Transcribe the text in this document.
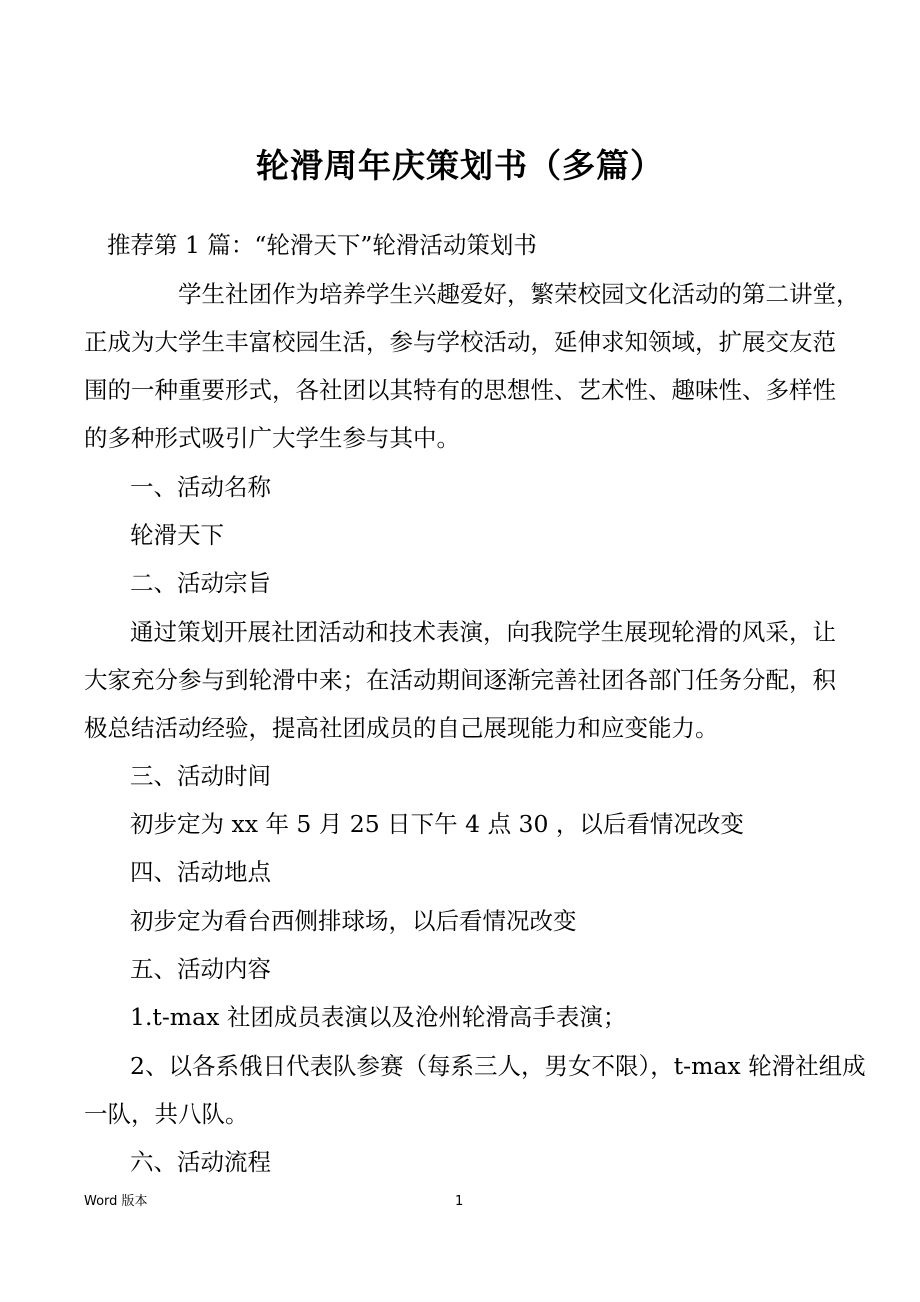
轮滑周年庆策划书（多篇）
推荐第 1 篇：“轮滑天下”轮滑活动策划书
学生社团作为培养学生兴趣爱好，繁荣校园文化活动的第二讲堂，
正成为大学生丰富校园生活，参与学校活动，延伸求知领域，扩展交友范
围的一种重要形式，各社团以其特有的思想性、艺术性、趣味性、多样性
的多种形式吸引广大学生参与其中。
一、活动名称
轮滑天下
二、活动宗旨
通过策划开展社团活动和技术表演，向我院学生展现轮滑的风采，让
大家充分参与到轮滑中来；在活动期间逐渐完善社团各部门任务分配，积
极总结活动经验，提高社团成员的自己展现能力和应变能力。
三、活动时间
初步定为 xx 年 5 月 25 日下午 4 点 30 ，以后看情况改变
四、活动地点
初步定为看台西侧排球场，以后看情况改变
五、活动内容
1.t-max 社团成员表演以及沧州轮滑高手表演；
2、以各系俄日代表队参赛（每系三人，男女不限），t-max 轮滑社组成
一队，共八队。
六、活动流程
Word 版本	1
